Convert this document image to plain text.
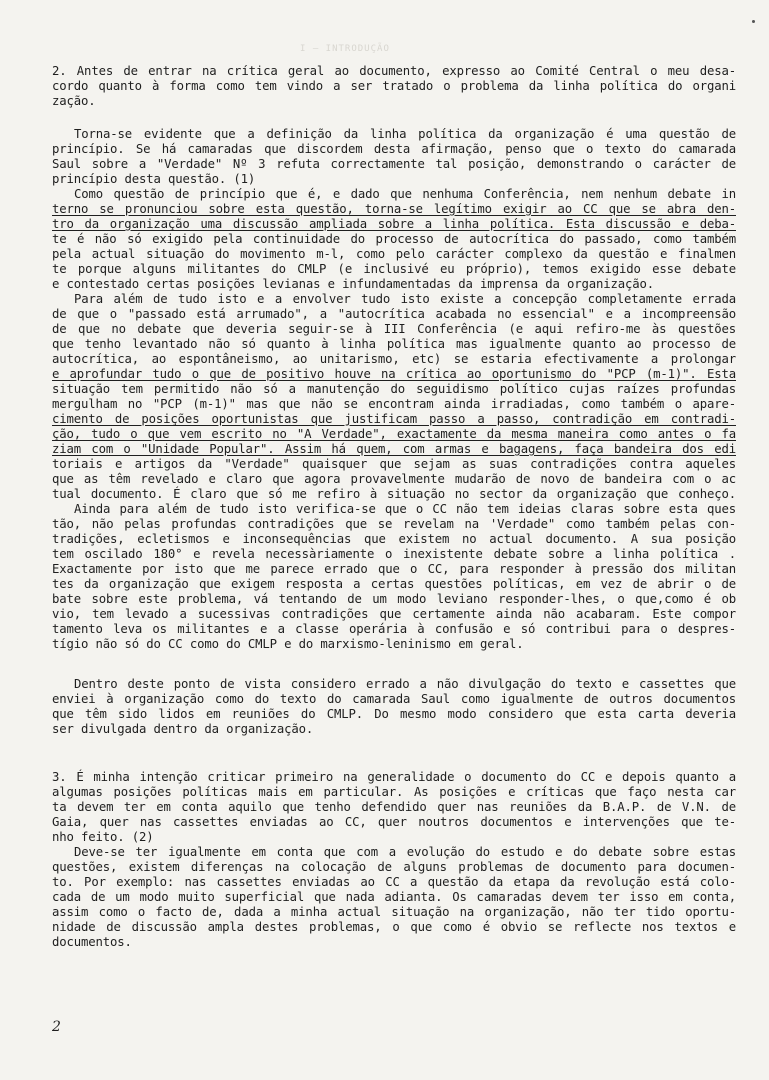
I — INTRODUÇÃO
2. Antes de entrar na crítica geral ao documento, expresso ao Comité Central o meu desa-
cordo quanto à forma como tem vindo a ser tratado o problema da linha política do organi
zação.
Torna-se evidente que a definição da linha política da organização é uma questão de
princípio. Se há camaradas que discordem desta afirmação, penso que o texto do camarada
Saul sobre a "Verdade" Nº 3 refuta correctamente tal posição, demonstrando o carácter de
princípio desta questão. (1)
Como questão de princípio que é, e dado que nenhuma Conferência, nem nenhum debate in
terno se pronunciou sobre esta questão, torna-se legítimo exigir ao CC que se abra den-
tro da organização uma discussão ampliada sobre a linha política. Esta discussão e deba-
te é não só exigido pela continuidade do processo de autocrítica do passado, como também
pela actual situação do movimento m-l, como pelo carácter complexo da questão e finalmen
te porque alguns militantes do CMLP (e inclusivé eu próprio), temos exigido esse debate
e contestado certas posições levianas e infundamentadas da imprensa da organização.
Para além de tudo isto e a envolver tudo isto existe a concepção completamente errada
de que o "passado está arrumado", a "autocrítica acabada no essencial" e a incompreensão
de que no debate que deveria seguir-se à III Conferência (e aqui refiro-me às questões
que tenho levantado não só quanto à linha política mas igualmente quanto ao processo de
autocrítica, ao espontâneismo, ao unitarismo, etc) se estaria efectivamente a prolongar
e aprofundar tudo o que de positivo houve na crítica ao oportunismo do "PCP (m-1)". Esta
situação tem permitido não só a manutenção do seguidismo político cujas raízes profundas
mergulham no "PCP (m-1)" mas que não se encontram ainda irradiadas, como também o apare-
cimento de posições oportunistas que justificam passo a passo, contradição em contradi-
ção, tudo o que vem escrito no "A Verdade", exactamente da mesma maneira como antes o fa
ziam com o "Unidade Popular". Assim há quem, com armas e bagagens, faça bandeira dos edi
toriais e artigos da "Verdade" quaisquer que sejam as suas contradições contra aqueles
que as têm revelado e claro que agora provavelmente mudarão de novo de bandeira com o ac
tual documento. É claro que só me refiro à situação no sector da organização que conheço.
Ainda para além de tudo isto verifica-se que o CC não tem ideias claras sobre esta ques
tão, não pelas profundas contradições que se revelam na 'Verdade" como também pelas con-
tradições, ecletismos e inconsequências que existem no actual documento. A sua posição
tem oscilado 180° e revela necessàriamente o inexistente debate sobre a linha política .
Exactamente por isto que me parece errado que o CC, para responder à pressão dos militan
tes da organização que exigem resposta a certas questões políticas, em vez de abrir o de
bate sobre este problema, vá tentando de um modo leviano responder-lhes, o que,como é ob
vio, tem levado a sucessivas contradições que certamente ainda não acabaram. Este compor
tamento leva os militantes e a classe operária à confusão e só contribui para o despres-
tígio não só do CC como do CMLP e do marxismo-leninismo em geral.
Dentro deste ponto de vista considero errado a não divulgação do texto e cassettes que
enviei à organização como do texto do camarada Saul como igualmente de outros documentos
que têm sido lidos em reuniões do CMLP. Do mesmo modo considero que esta carta deveria
ser divulgada dentro da organização.
3. É minha intenção criticar primeiro na generalidade o documento do CC e depois quanto a
algumas posições políticas mais em particular. As posições e críticas que faço nesta car
ta devem ter em conta aquilo que tenho defendido quer nas reuniões da B.A.P. de V.N. de
Gaia, quer nas cassettes enviadas ao CC, quer noutros documentos e intervenções que te-
nho feito. (2)
Deve-se ter igualmente em conta que com a evolução do estudo e do debate sobre estas
questões, existem diferenças na colocação de alguns problemas de documento para documen-
to. Por exemplo: nas cassettes enviadas ao CC a questão da etapa da revolução está colo-
cada de um modo muito superficial que nada adianta. Os camaradas devem ter isso em conta,
assim como o facto de, dada a minha actual situação na organização, não ter tido oportu-
nidade de discussão ampla destes problemas, o que como é obvio se reflecte nos textos e
documentos.
2
